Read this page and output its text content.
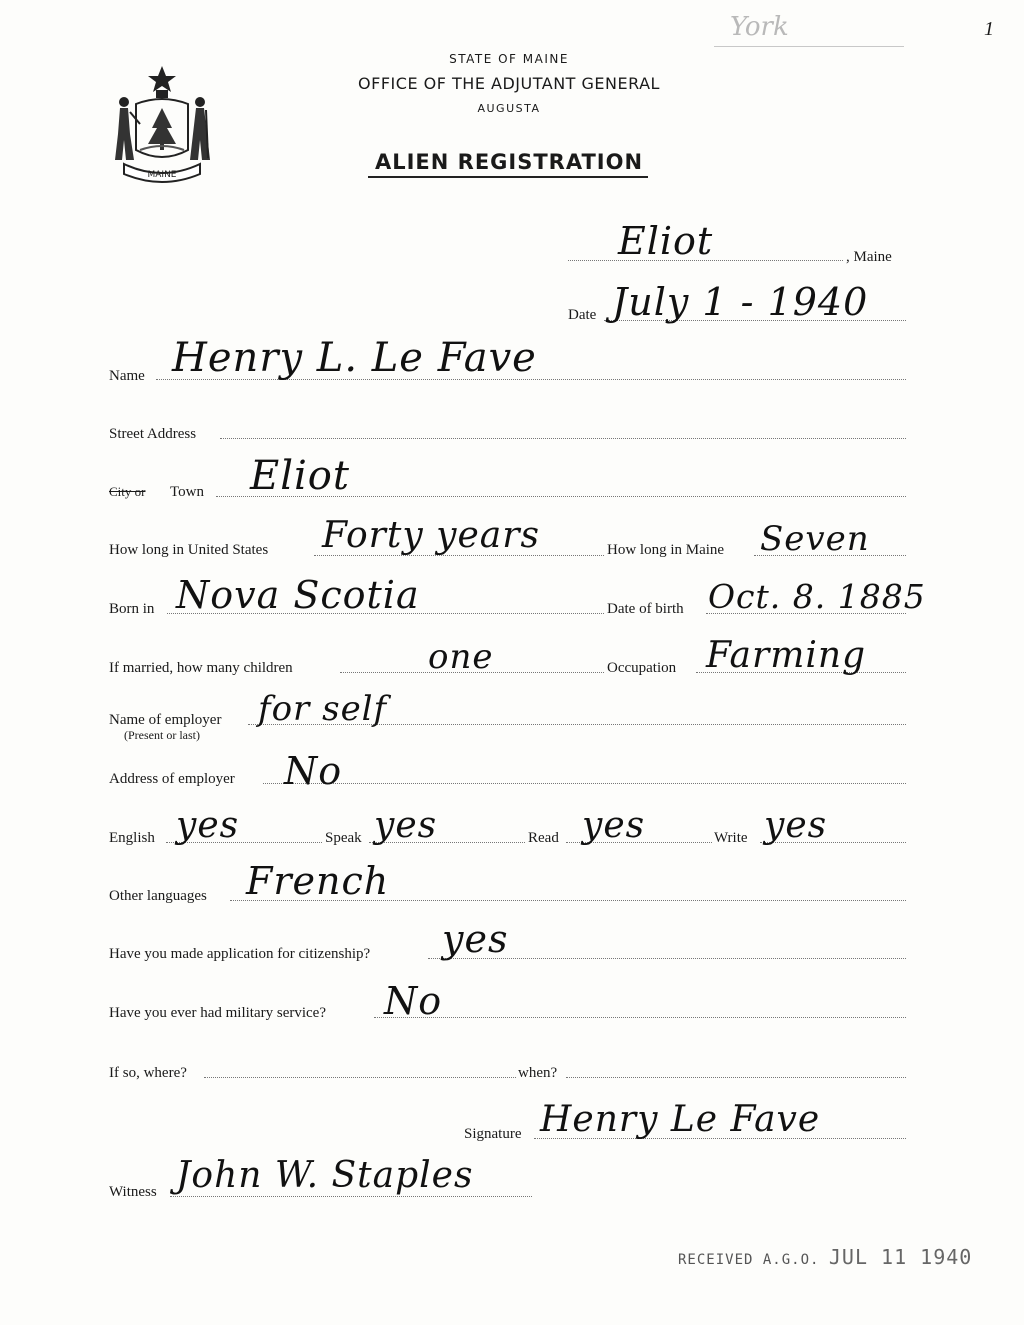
MAINE
STATE OF MAINE
OFFICE OF THE ADJUTANT GENERAL
AUGUSTA
ALIEN REGISTRATION
York	1
Eliot	, Maine
Date July 1 - 1940
Name Henry L. Le Fave
Street Address
City or Town Eliot
How long in United States Forty years	How long in Maine Seven
Born in Nova Scotia	Date of birth Oct. 8. 1885
If married, how many children	one	Occupation Farming
Name of employer
(Present or last)
for self
Address of employer No
English yes	Speak yes	Read yes	Write yes
Other languages French
Have you made application for citizenship? yes
Have you ever had military service? No
If so, where?	when?
Signature Henry Le Fave
Witness John W. Staples
RECEIVED A.G.O. JUL 11 1940
